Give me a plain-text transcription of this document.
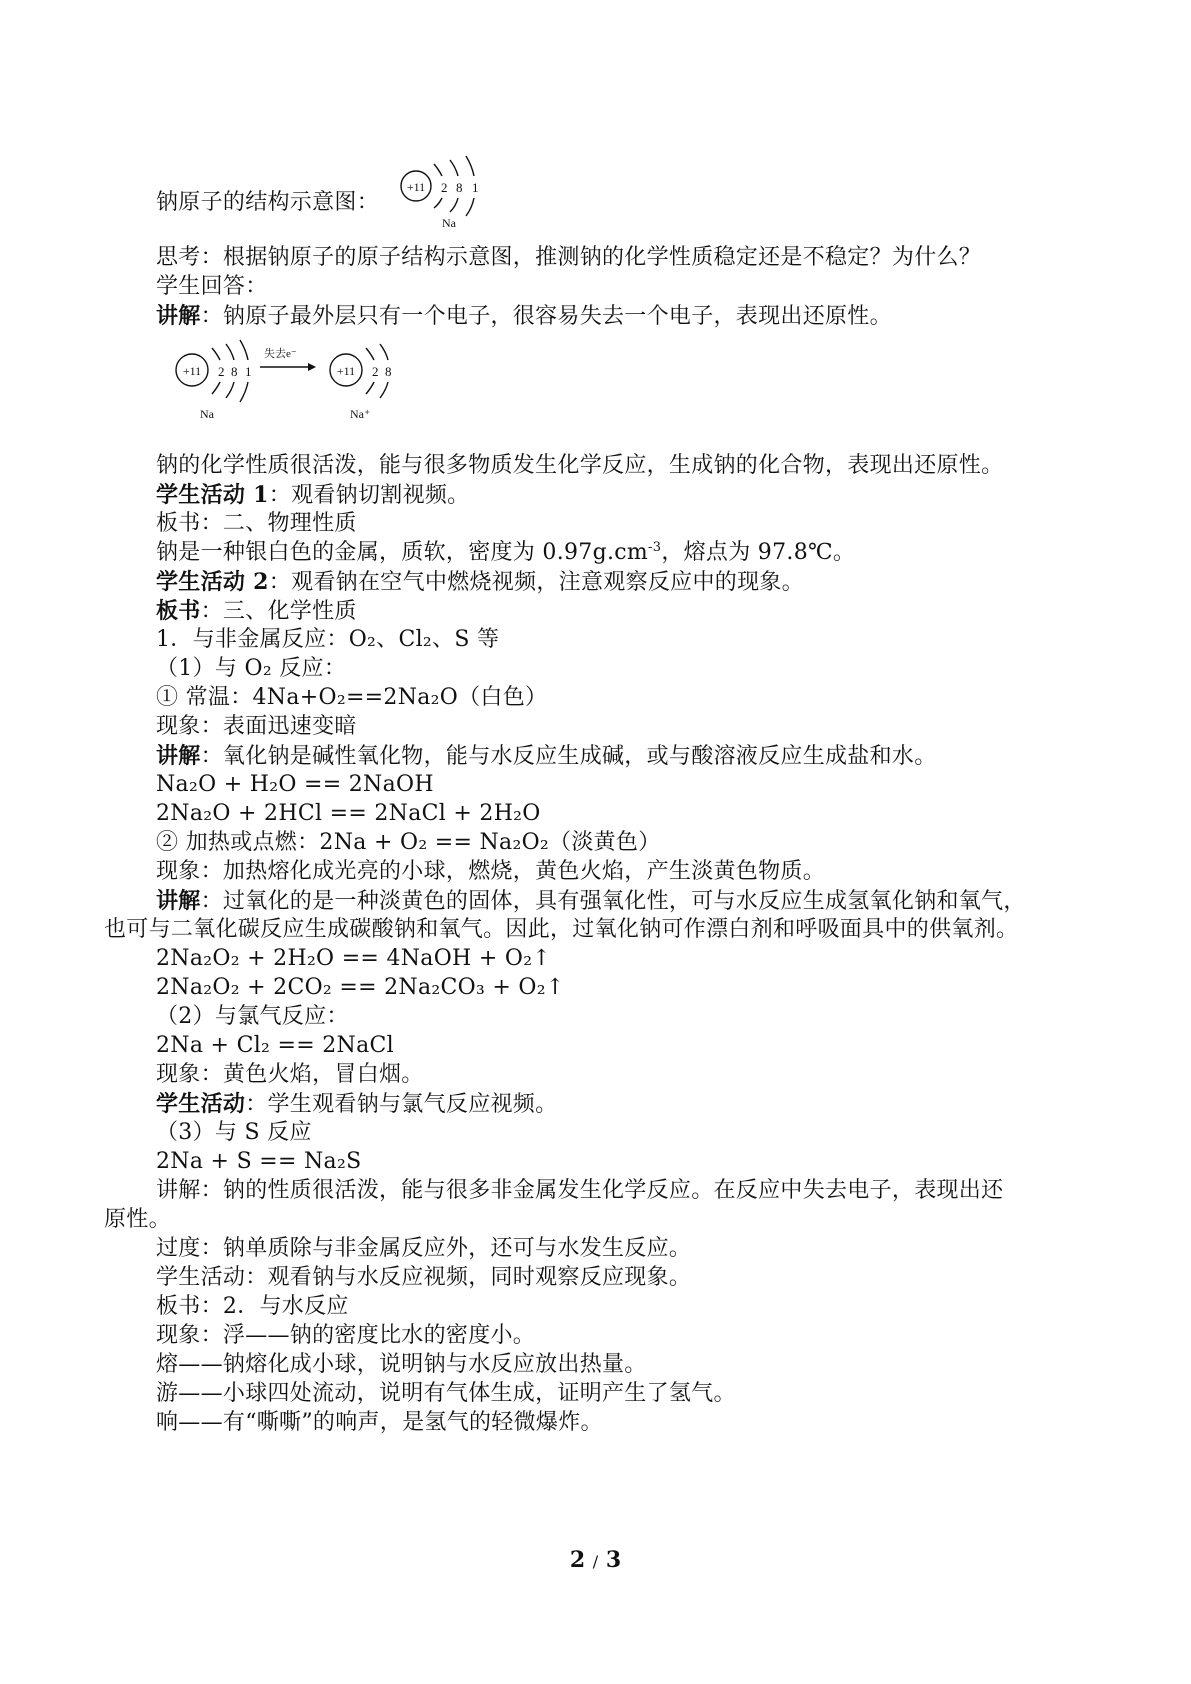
钠原子的结构示意图：
+11 2 8 1
Na
思考：根据钠原子的原子结构示意图，推测钠的化学性质稳定还是不稳定？为什么？
学生回答：
讲解：钠原子最外层只有一个电子，很容易失去一个电子，表现出还原性。
+11 2 8 1
Na
失去e⁻
+11 2 8
Na⁺
钠的化学性质很活泼，能与很多物质发生化学反应，生成钠的化合物，表现出还原性。
学生活动 1：观看钠切割视频。
板书：二、物理性质
钠是一种银白色的金属，质软，密度为 $0.97g.cm^{-3}$，熔点为 97.8℃。
学生活动 2：观看钠在空气中燃烧视频，注意观察反应中的现象。
板书：三、化学性质
1．与非金属反应：O₂、Cl₂、S 等
（1）与 O₂ 反应：
① 常温：4Na+O₂==2Na₂O（白色）
现象：表面迅速变暗
讲解：氧化钠是碱性氧化物，能与水反应生成碱，或与酸溶液反应生成盐和水。
Na₂O + H₂O == 2NaOH
2Na₂O + 2HCl == 2NaCl + 2H₂O
② 加热或点燃：2Na + O₂ == Na₂O₂（淡黄色）
现象：加热熔化成光亮的小球，燃烧，黄色火焰，产生淡黄色物质。
讲解：过氧化的是一种淡黄色的固体，具有强氧化性，可与水反应生成氢氧化钠和氧气，
也可与二氧化碳反应生成碳酸钠和氧气。因此，过氧化钠可作漂白剂和呼吸面具中的供氧剂。
2Na₂O₂ + 2H₂O == 4NaOH + O₂↑
2Na₂O₂ + 2CO₂ == 2Na₂CO₃ + O₂↑
（2）与氯气反应：
2Na + Cl₂ == 2NaCl
现象：黄色火焰，冒白烟。
学生活动：学生观看钠与氯气反应视频。
（3）与 S 反应
2Na + S == Na₂S
讲解：钠的性质很活泼，能与很多非金属发生化学反应。在反应中失去电子，表现出还
原性。
过度：钠单质除与非金属反应外，还可与水发生反应。
学生活动：观看钠与水反应视频，同时观察反应现象。
板书：2．与水反应
现象：浮——钠的密度比水的密度小。
熔——钠熔化成小球，说明钠与水反应放出热量。
游——小球四处流动，说明有气体生成，证明产生了氢气。
响——有“嘶嘶”的响声，是氢气的轻微爆炸。
2 / 3
